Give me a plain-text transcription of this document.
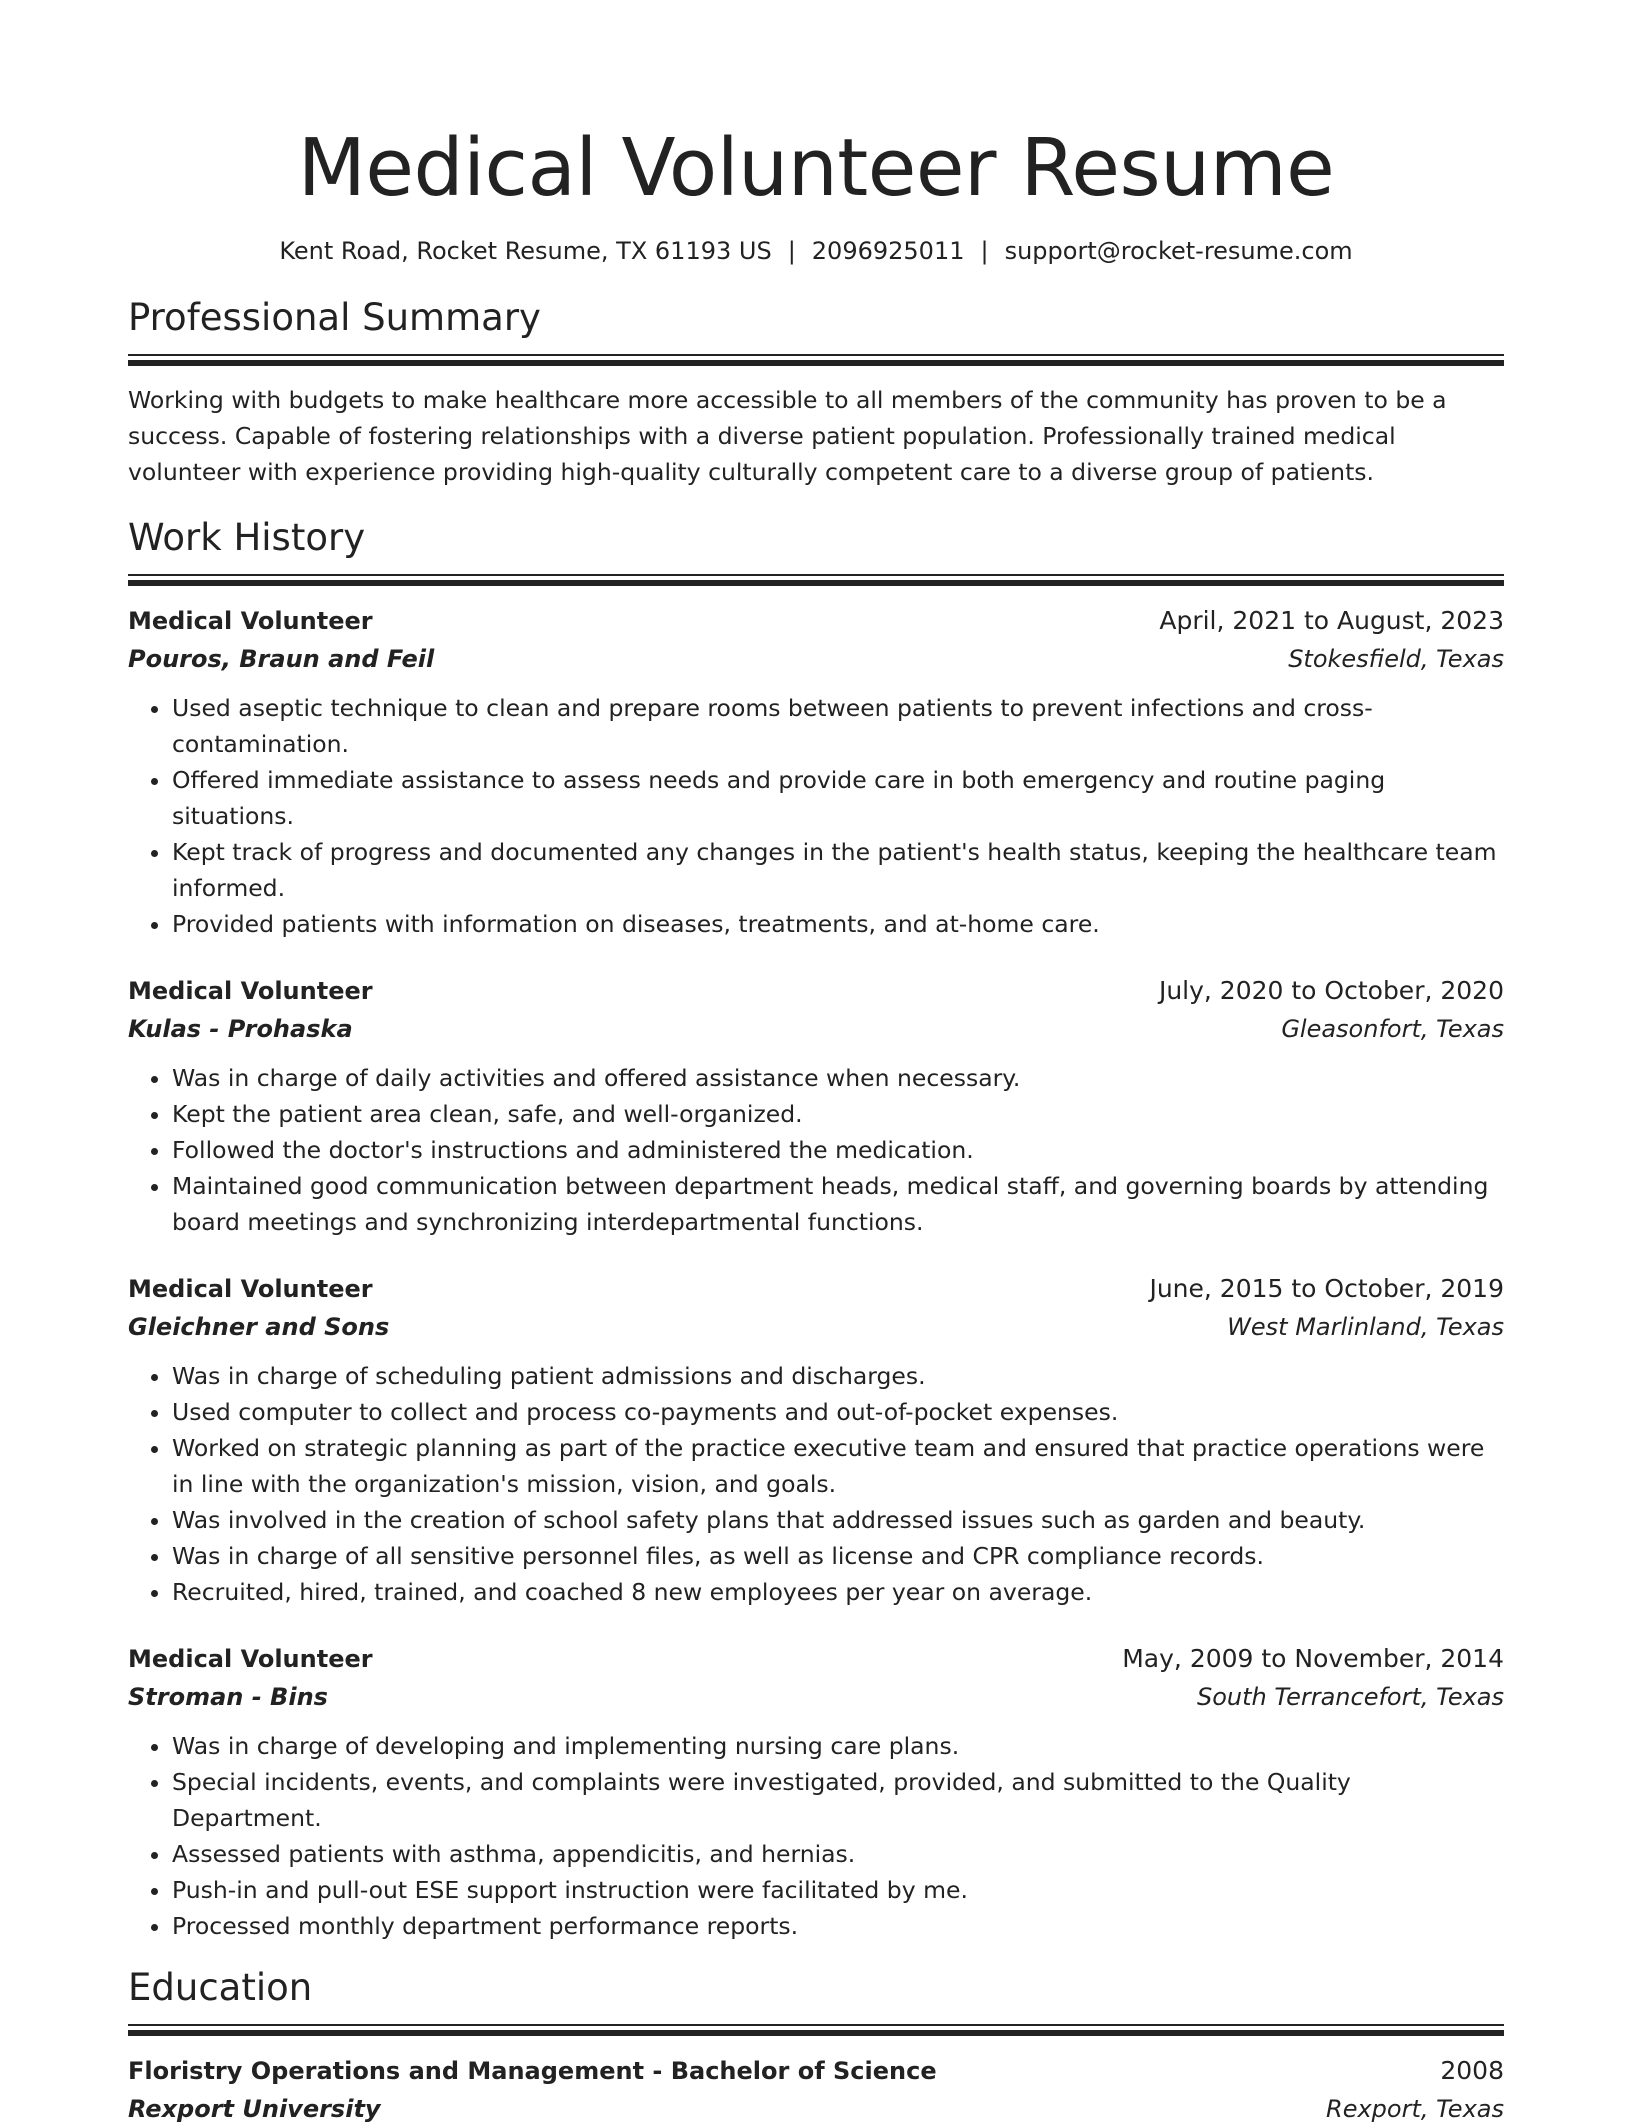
Medical Volunteer Resume
Kent Road, Rocket Resume, TX 61193 US | 2096925011 | support@rocket-resume.com
Professional Summary

Working with budgets to make healthcare more accessible to all members of the community has proven to be a success. Capable of fostering relationships with a diverse patient population. Professionally trained medical volunteer with experience providing high-quality culturally competent care to a diverse group of patients.

Work History
Medical Volunteer	April, 2021 to August, 2023
Pouros, Braun and Feil	Stokesfield, Texas
• Used aseptic technique to clean and prepare rooms between patients to prevent infections and cross-contamination.
• Offered immediate assistance to assess needs and provide care in both emergency and routine paging situations.
• Kept track of progress and documented any changes in the patient's health status, keeping the healthcare team informed.
• Provided patients with information on diseases, treatments, and at-home care.
Medical Volunteer	July, 2020 to October, 2020
Kulas - Prohaska	Gleasonfort, Texas
• Was in charge of daily activities and offered assistance when necessary.
• Kept the patient area clean, safe, and well-organized.
• Followed the doctor's instructions and administered the medication.
• Maintained good communication between department heads, medical staff, and governing boards by attending board meetings and synchronizing interdepartmental functions.
Medical Volunteer	June, 2015 to October, 2019
Gleichner and Sons	West Marlinland, Texas
• Was in charge of scheduling patient admissions and discharges.
• Used computer to collect and process co-payments and out-of-pocket expenses.
• Worked on strategic planning as part of the practice executive team and ensured that practice operations were in line with the organization's mission, vision, and goals.
• Was involved in the creation of school safety plans that addressed issues such as garden and beauty.
• Was in charge of all sensitive personnel files, as well as license and CPR compliance records.
• Recruited, hired, trained, and coached 8 new employees per year on average.
Medical Volunteer	May, 2009 to November, 2014
Stroman - Bins	South Terrancefort, Texas
• Was in charge of developing and implementing nursing care plans.
• Special incidents, events, and complaints were investigated, provided, and submitted to the Quality Department.
• Assessed patients with asthma, appendicitis, and hernias.
• Push-in and pull-out ESE support instruction were facilitated by me.
• Processed monthly department performance reports.
Education
Floristry Operations and Management - Bachelor of Science	2008
Rexport University	Rexport, Texas
